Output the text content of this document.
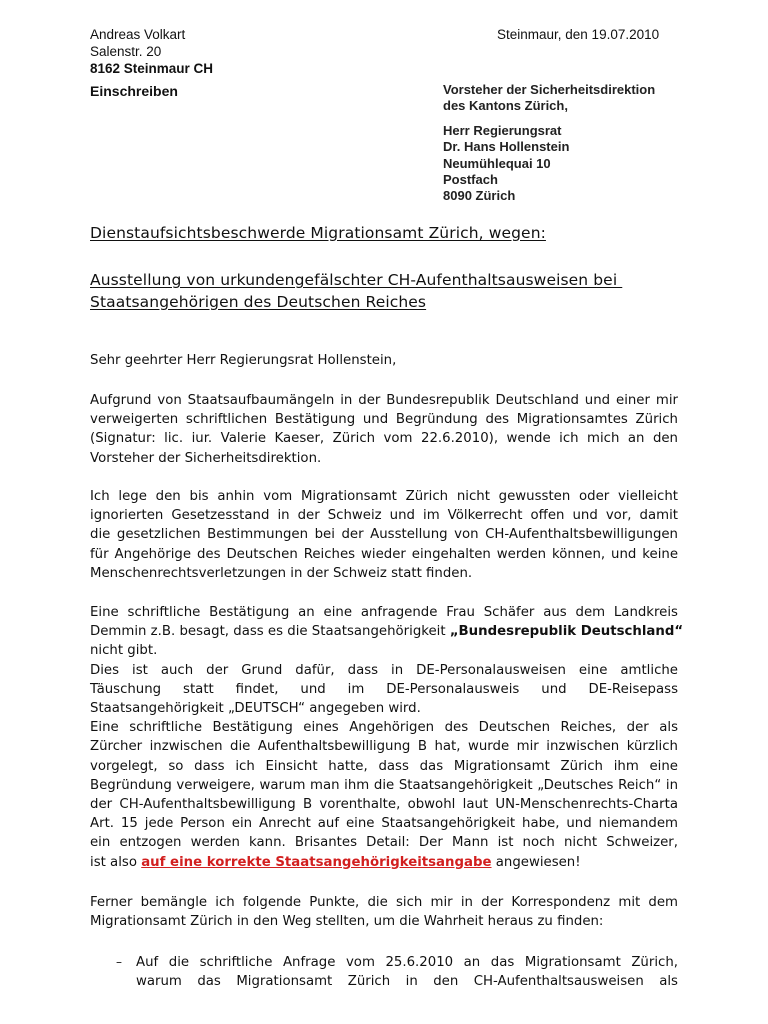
Andreas Volkart
Salenstr. 20
8162 Steinmaur CH
Steinmaur, den 19.07.2010
Einschreiben	Vorsteher der Sicherheitsdirektion
des Kantons Zürich,
Herr Regierungsrat
Dr. Hans Hollenstein
Neumühlequai 10
Postfach
8090 Zürich
Dienstaufsichtsbeschwerde Migrationsamt Zürich, wegen:
Ausstellung von urkundengefälschter CH-Aufenthaltsausweisen bei
Staatsangehörigen des Deutschen Reiches
Sehr geehrter Herr Regierungsrat Hollenstein,
Aufgrund von Staatsaufbaumängeln in der Bundesrepublik Deutschland und einer mir
verweigerten schriftlichen Bestätigung und Begründung des Migrationsamtes Zürich
(Signatur: lic. iur. Valerie Kaeser, Zürich vom 22.6.2010), wende ich mich an den
Vorsteher der Sicherheitsdirektion.
Ich lege den bis anhin vom Migrationsamt Zürich nicht gewussten oder vielleicht
ignorierten Gesetzesstand in der Schweiz und im Völkerrecht offen und vor, damit
die gesetzlichen Bestimmungen bei der Ausstellung von CH-Aufenthaltsbewilligungen
für Angehörige des Deutschen Reiches wieder eingehalten werden können, und keine
Menschenrechtsverletzungen in der Schweiz statt finden.
Eine schriftliche Bestätigung an eine anfragende Frau Schäfer aus dem Landkreis
Demmin z.B. besagt, dass es die Staatsangehörigkeit „Bundesrepublik Deutschland“
nicht gibt.
Dies ist auch der Grund dafür, dass in DE-Personalausweisen eine amtliche
Täuschung statt findet, und im DE-Personalausweis und DE-Reisepass
Staatsangehörigkeit „DEUTSCH“ angegeben wird.
Eine schriftliche Bestätigung eines Angehörigen des Deutschen Reiches, der als
Zürcher inzwischen die Aufenthaltsbewilligung B hat, wurde mir inzwischen kürzlich
vorgelegt, so dass ich Einsicht hatte, dass das Migrationsamt Zürich ihm eine
Begründung verweigere, warum man ihm die Staatsangehörigkeit „Deutsches Reich“ in
der CH-Aufenthaltsbewilligung B vorenthalte, obwohl laut UN-Menschenrechts-Charta
Art. 15 jede Person ein Anrecht auf eine Staatsangehörigkeit habe, und niemandem
ein entzogen werden kann. Brisantes Detail: Der Mann ist noch nicht Schweizer,
ist also auf eine korrekte Staatsangehörigkeitsangabe angewiesen!
Ferner bemängle ich folgende Punkte, die sich mir in der Korrespondenz mit dem
Migrationsamt Zürich in den Weg stellten, um die Wahrheit heraus zu finden:
– Auf die schriftliche Anfrage vom 25.6.2010 an das Migrationsamt Zürich,
warum das Migrationsamt Zürich in den CH-Aufenthaltsausweisen als
